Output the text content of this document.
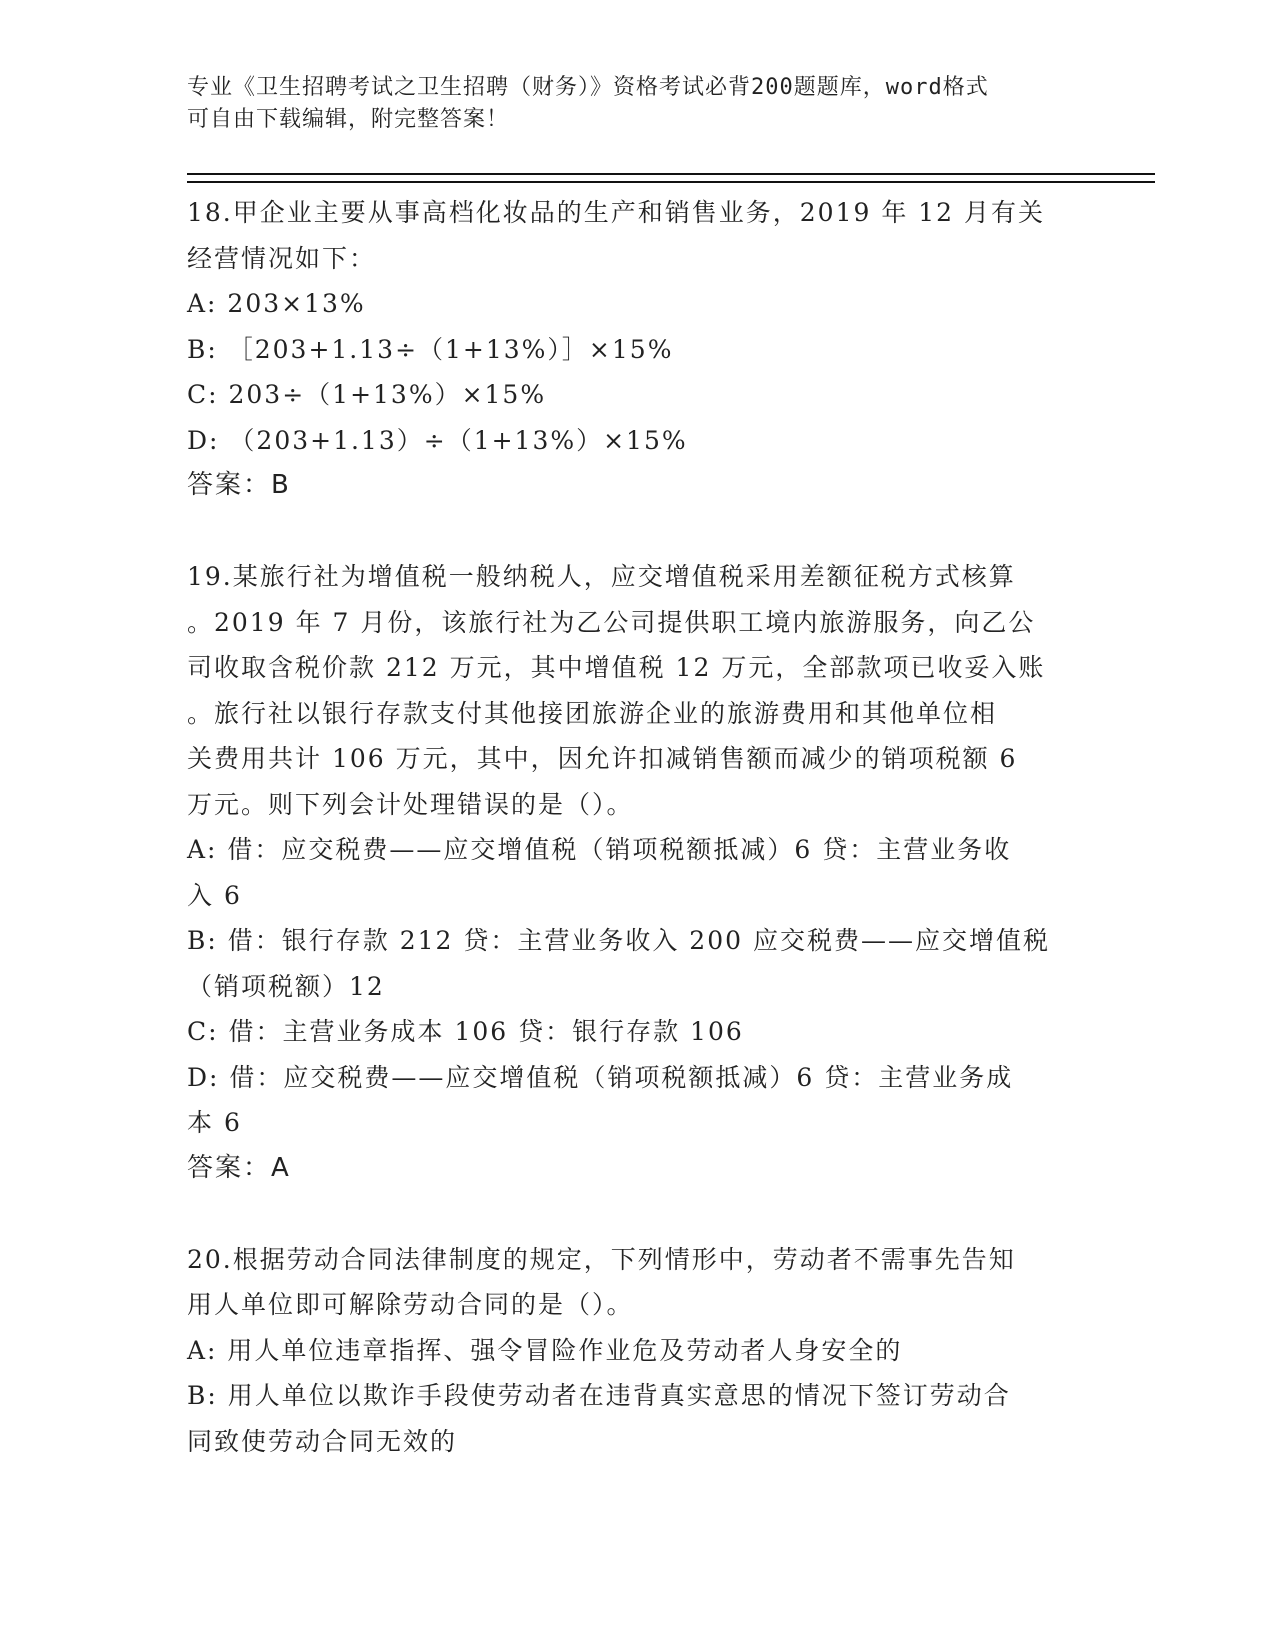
专业《卫生招聘考试之卫生招聘（财务）》资格考试必背200题题库，word格式
可自由下载编辑，附完整答案！
18.甲企业主要从事高档化妆品的生产和销售业务，2019 年 12 月有关
经营情况如下：
A: 203×13%
B: ［203+1.13÷（1+13%）］×15%
C: 203÷（1+13%）×15%
D: （203+1.13）÷（1+13%）×15%
答案：B
19.某旅行社为增值税一般纳税人，应交增值税采用差额征税方式核算
。2019 年 7 月份，该旅行社为乙公司提供职工境内旅游服务，向乙公
司收取含税价款 212 万元，其中增值税 12 万元，全部款项已收妥入账
。旅行社以银行存款支付其他接团旅游企业的旅游费用和其他单位相
关费用共计 106 万元，其中，因允许扣减销售额而减少的销项税额 6
万元。则下列会计处理错误的是（）。
A: 借：应交税费——应交增值税（销项税额抵减）6 贷：主营业务收
入 6
B: 借：银行存款 212 贷：主营业务收入 200 应交税费——应交增值税
（销项税额）12
C: 借：主营业务成本 106 贷：银行存款 106
D: 借：应交税费——应交增值税（销项税额抵减）6 贷：主营业务成
本 6
答案：A
20.根据劳动合同法律制度的规定，下列情形中，劳动者不需事先告知
用人单位即可解除劳动合同的是（）。
A: 用人单位违章指挥、强令冒险作业危及劳动者人身安全的
B: 用人单位以欺诈手段使劳动者在违背真实意思的情况下签订劳动合
同致使劳动合同无效的
